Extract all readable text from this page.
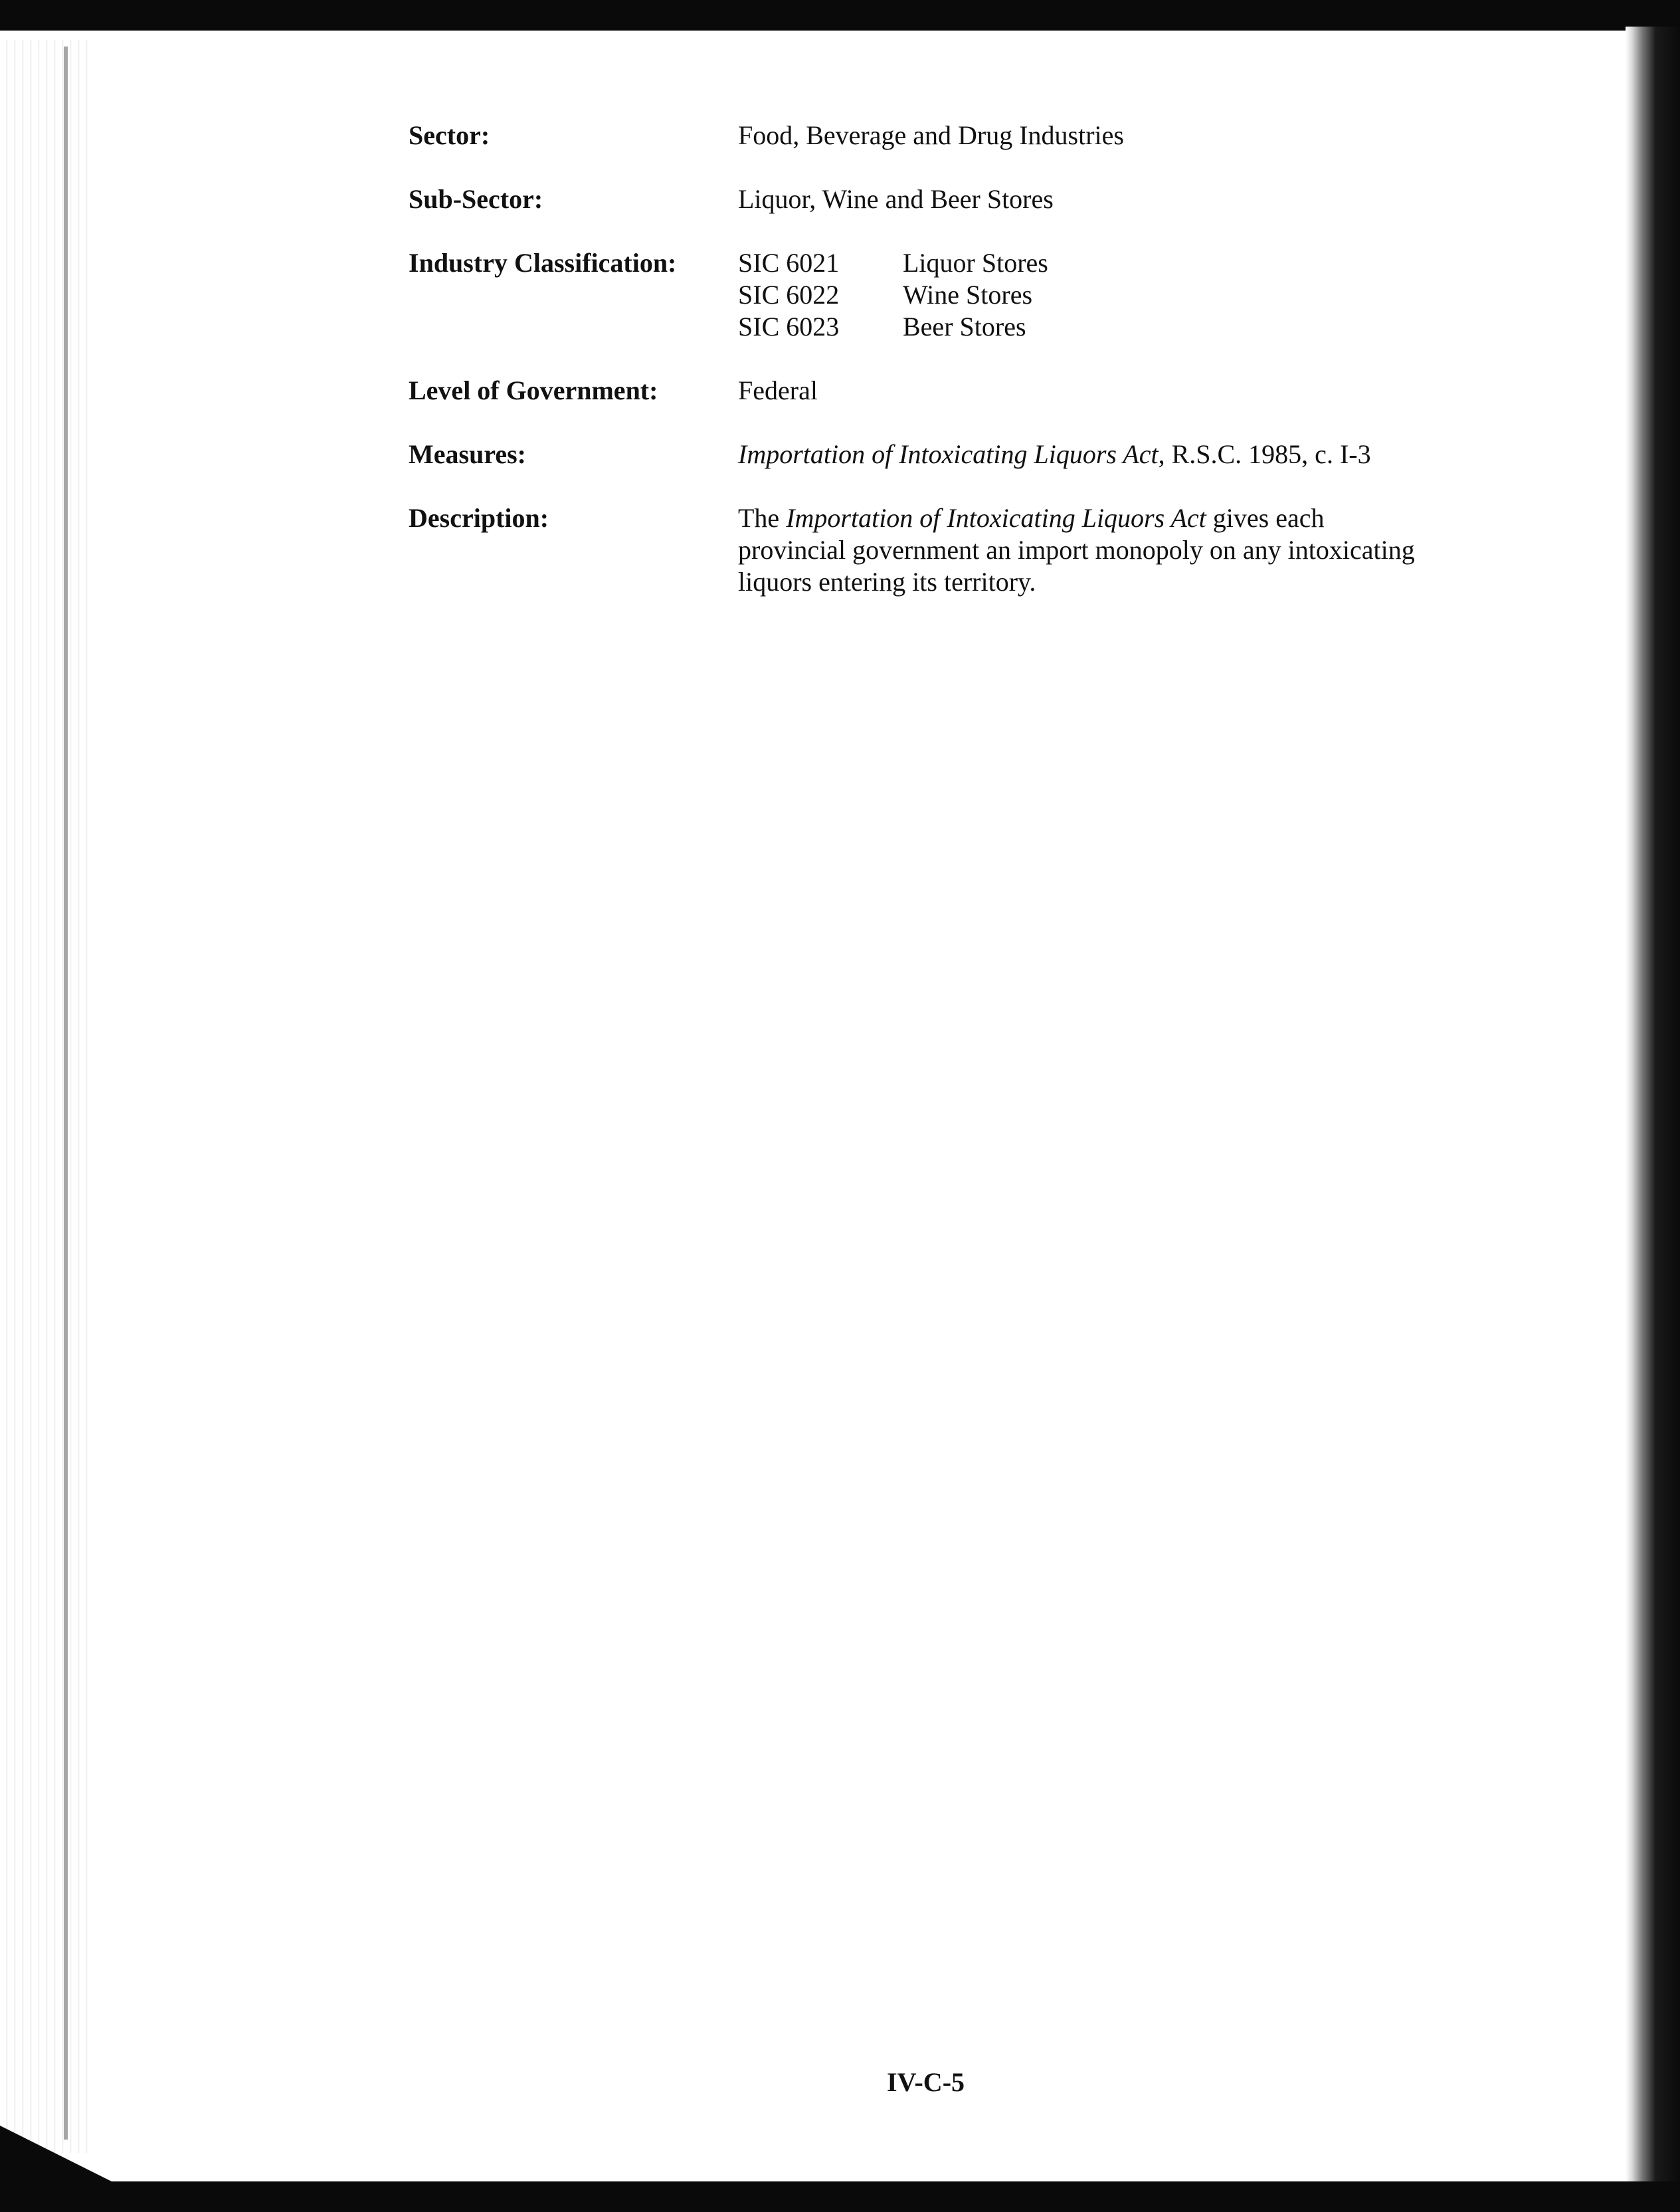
Sector:	Food, Beverage and Drug Industries
Sub-Sector:	Liquor, Wine and Beer Stores
Industry Classification: SIC 6021 Liquor Stores
SIC 6022 Wine Stores
SIC 6023 Beer Stores
Level of Government:	Federal
Measures:	Importation of Intoxicating Liquors Act, R.S.C. 1985, c. I-3
Description:	The Importation of Intoxicating Liquors Act gives each
provincial government an import monopoly on any intoxicating
liquors entering its territory.
IV-C-5
